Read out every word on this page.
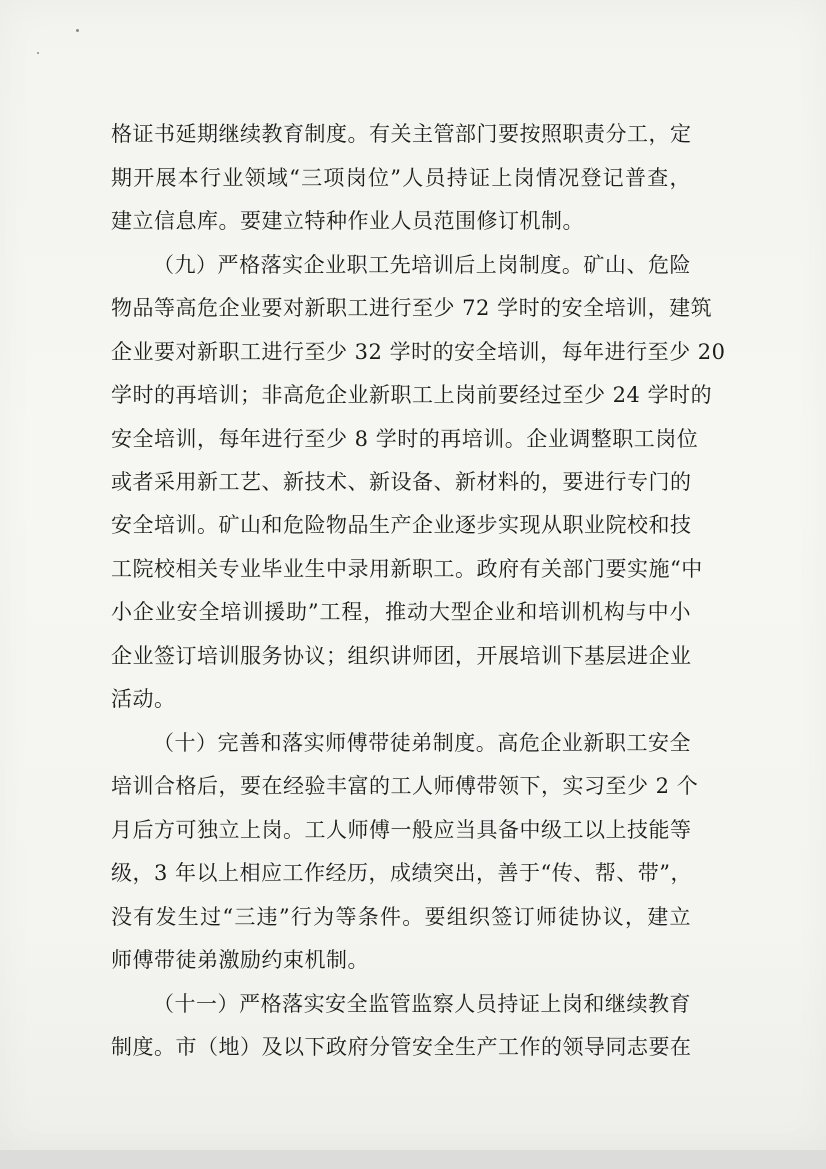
格证书延期继续教育制度。有关主管部门要按照职责分工，定
期开展本行业领域“三项岗位”人员持证上岗情况登记普查，
建立信息库。要建立特种作业人员范围修订机制。
（九）严格落实企业职工先培训后上岗制度。矿山、危险
物品等高危企业要对新职工进行至少 72 学时的安全培训，建筑
企业要对新职工进行至少 32 学时的安全培训，每年进行至少 20
学时的再培训；非高危企业新职工上岗前要经过至少 24 学时的
安全培训，每年进行至少 8 学时的再培训。企业调整职工岗位
或者采用新工艺、新技术、新设备、新材料的，要进行专门的
安全培训。矿山和危险物品生产企业逐步实现从职业院校和技
工院校相关专业毕业生中录用新职工。政府有关部门要实施“中
小企业安全培训援助”工程，推动大型企业和培训机构与中小
企业签订培训服务协议；组织讲师团，开展培训下基层进企业
活动。
（十）完善和落实师傅带徒弟制度。高危企业新职工安全
培训合格后，要在经验丰富的工人师傅带领下，实习至少 2 个
月后方可独立上岗。工人师傅一般应当具备中级工以上技能等
级，3 年以上相应工作经历，成绩突出，善于“传、帮、带”，
没有发生过“三违”行为等条件。要组织签订师徒协议，建立
师傅带徒弟激励约束机制。
（十一）严格落实安全监管监察人员持证上岗和继续教育
制度。市（地）及以下政府分管安全生产工作的领导同志要在
